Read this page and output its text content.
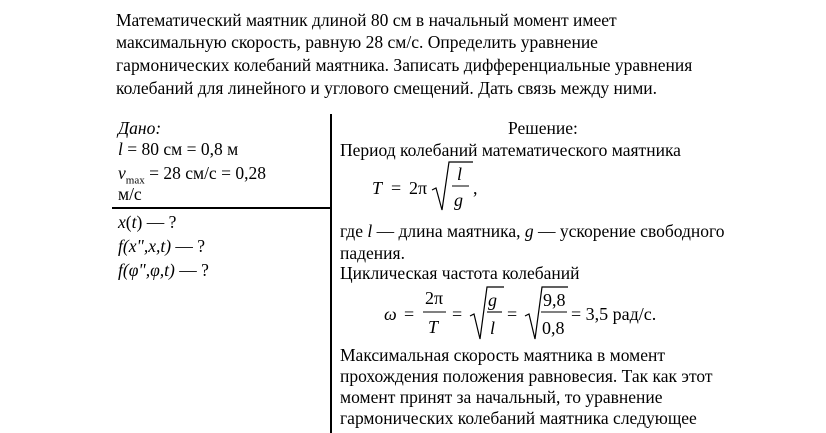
Математический маятник длиной 80 см в начальный момент имеет
максимальную скорость, равную 28 см/с. Определить уравнение
гармонических колебаний маятника. Записать дифференциальные уравнения
колебаний для линейного и углового смещений. Дать связь между ними.
Дано:
l = 80 см = 0,8 м
$v_{max} = 28$ см/с = 0,28
м/с
x(t) — ?
f(x",x,t) — ?
f(φ",φ,t) — ?
Решение:
Период колебаний математического маятника
T = 2π
l
g
,
где l — длина маятника, g — ускорение свободного
падения.
Циклическая частота колебаний
ω =
2π
T
=
g
l
=
9,8
0,8
= 3,5 рад/с.
Максимальная скорость маятника в момент
прохождения положения равновесия. Так как этот
момент принят за начальный, то уравнение
гармонических колебаний маятника следующее
